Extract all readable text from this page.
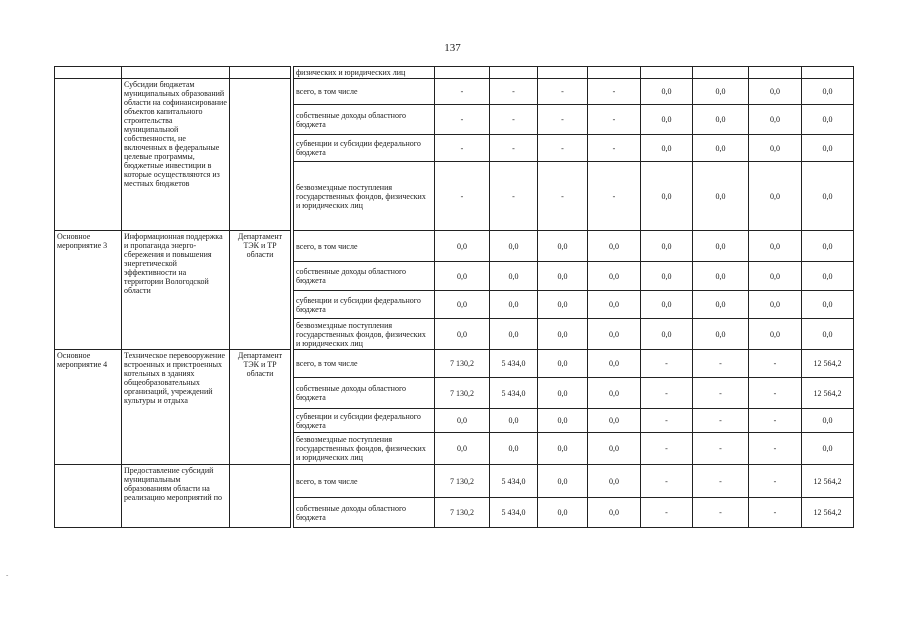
137
				физических и юридических лиц								
	Субсидии бюджетам муниципальных образований области на софинансирование объектов капитального строительства муниципальной собственности, не включенных в федеральные целевые программы, бюджетные инвестиции в которые осуществляются из местных бюджетов			всего, в том числе	-	-	-	-	0,0	0,0	0,0	0,0
				собственные доходы областного бюджета	-	-	-	-	0,0	0,0	0,0	0,0
				субвенции и субсидии федерального бюджета	-	-	-	-	0,0	0,0	0,0	0,0
				безвозмездные поступления государственных фондов, физических и юридических лиц	-	-	-	-	0,0	0,0	0,0	0,0
Основное мероприятие 3	Информационная поддержка и пропаганда энерго-сбережения и повышения энергетической эффективности на территории Вологодской области	Департамент ТЭК и ТР области		всего, в том числе	0,0	0,0	0,0	0,0	0,0	0,0	0,0	0,0
				собственные доходы областного бюджета	0,0	0,0	0,0	0,0	0,0	0,0	0,0	0,0
				субвенции и субсидии федерального бюджета	0,0	0,0	0,0	0,0	0,0	0,0	0,0	0,0
				безвозмездные поступления государственных фондов, физических и юридических лиц	0,0	0,0	0,0	0,0	0,0	0,0	0,0	0,0
Основное мероприятие 4	Техническое перевооружение встроенных и пристроенных котельных в зданиях общеобразовательных организаций, учреждений культуры и отдыха	Департамент ТЭК и ТР области		всего, в том числе	7 130,2	5 434,0	0,0	0,0	-	-	-	12 564,2
				собственные доходы областного бюджета	7 130,2	5 434,0	0,0	0,0	-	-	-	12 564,2
				субвенции и субсидии федерального бюджета	0,0	0,0	0,0	0,0	-	-	-	0,0
				безвозмездные поступления государственных фондов, физических и юридических лиц	0,0	0,0	0,0	0,0	-	-	-	0,0
	Предоставление субсидий муниципальным образованиям области на реализацию мероприятий по			всего, в том числе	7 130,2	5 434,0	0,0	0,0	-	-	-	12 564,2
				собственные доходы областного бюджета	7 130,2	5 434,0	0,0	0,0	-	-	-	12 564,2
-
